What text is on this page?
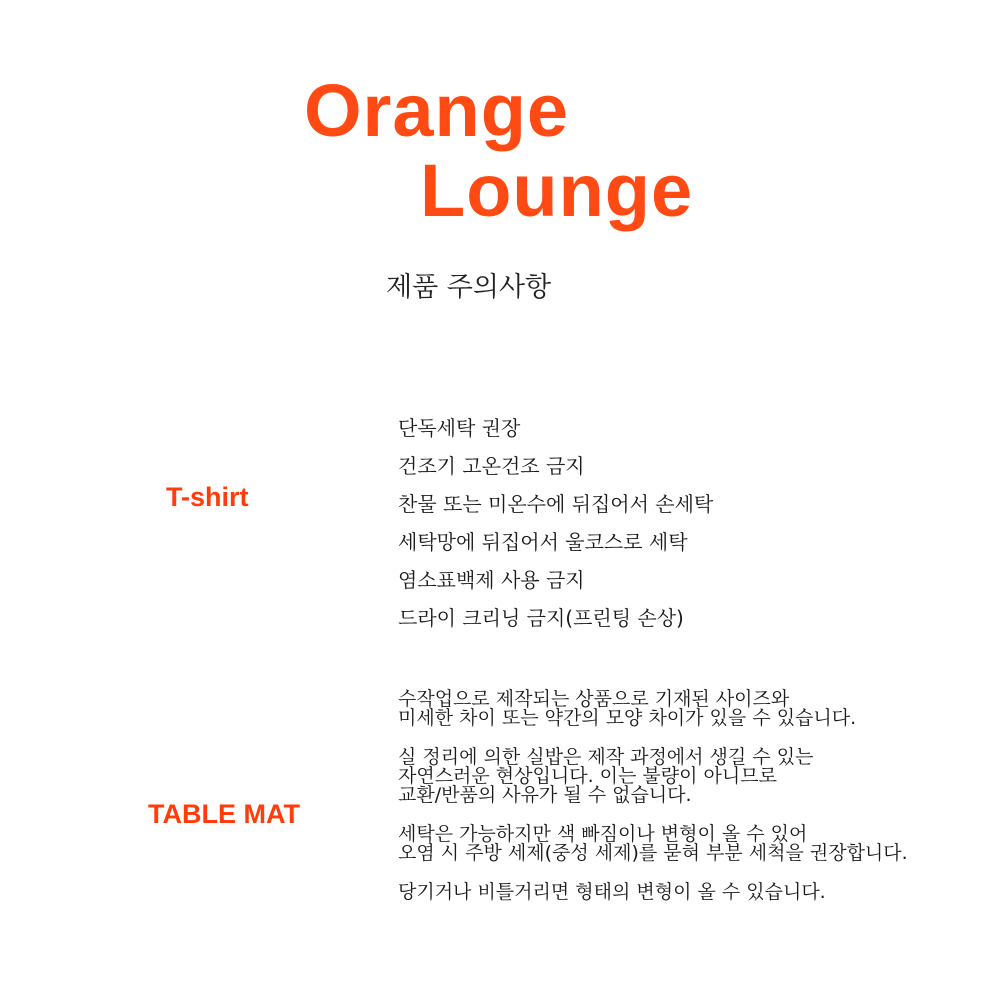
Orange
Lounge
제품 주의사항
T-shirt
단독세탁 권장
건조기 고온건조 금지
찬물 또는 미온수에 뒤집어서 손세탁
세탁망에 뒤집어서 울코스로 세탁
염소표백제 사용 금지
드라이 크리닝 금지(프린팅 손상)
TABLE MAT

수작업으로 제작되는 상품으로 기재된 사이즈와
미세한 차이 또는 약간의 모양 차이가 있을 수 있습니다.

실 정리에 의한 실밥은 제작 과정에서 생길 수 있는
자연스러운 현상입니다. 이는 불량이 아니므로
교환/반품의 사유가 될 수 없습니다.

세탁은 가능하지만 색 빠짐이나 변형이 올 수 있어
오염 시 주방 세제(중성 세제)를 묻혀 부분 세척을 권장합니다.

당기거나 비틀거리면 형태의 변형이 올 수 있습니다.
